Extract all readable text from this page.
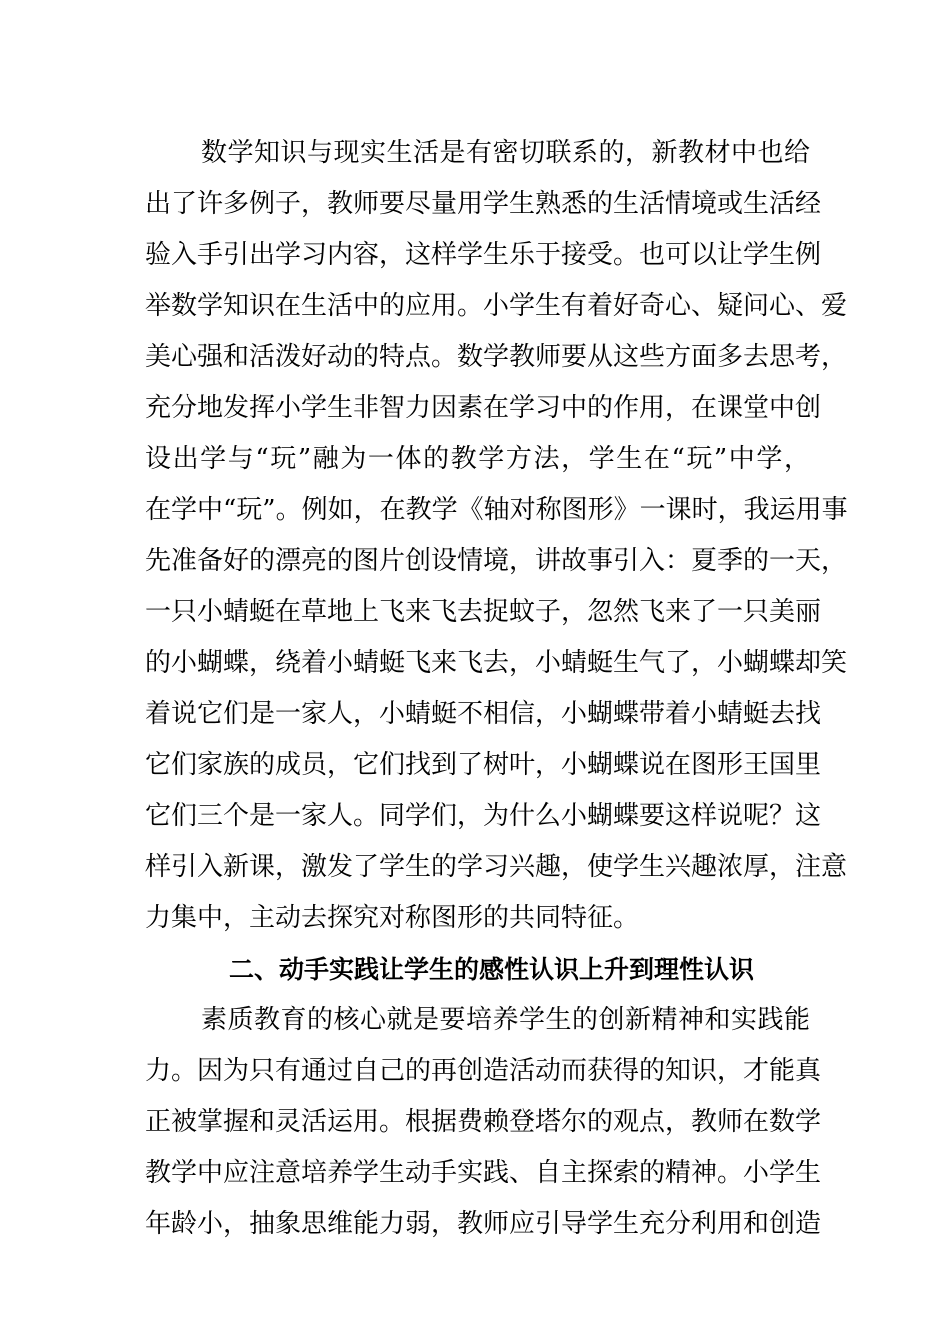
数学知识与现实生活是有密切联系的，新教材中也给
出了许多例子，教师要尽量用学生熟悉的生活情境或生活经
验入手引出学习内容，这样学生乐于接受。也可以让学生例
举数学知识在生活中的应用。小学生有着好奇心、疑问心、爱
美心强和活泼好动的特点。数学教师要从这些方面多去思考，
充分地发挥小学生非智力因素在学习中的作用，在课堂中创
设出学与“玩”融为一体的教学方法，学生在“玩”中学，
在学中“玩”。例如，在教学《轴对称图形》一课时，我运用事
先准备好的漂亮的图片创设情境，讲故事引入：夏季的一天，
一只小蜻蜓在草地上飞来飞去捉蚊子，忽然飞来了一只美丽
的小蝴蝶，绕着小蜻蜓飞来飞去，小蜻蜓生气了，小蝴蝶却笑
着说它们是一家人，小蜻蜓不相信，小蝴蝶带着小蜻蜓去找
它们家族的成员，它们找到了树叶，小蝴蝶说在图形王国里
它们三个是一家人。同学们，为什么小蝴蝶要这样说呢？这
样引入新课，激发了学生的学习兴趣，使学生兴趣浓厚，注意
力集中，主动去探究对称图形的共同特征。
二、动手实践让学生的感性认识上升到理性认识
素质教育的核心就是要培养学生的创新精神和实践能
力。因为只有通过自己的再创造活动而获得的知识，才能真
正被掌握和灵活运用。根据费赖登塔尔的观点，教师在数学
教学中应注意培养学生动手实践、自主探索的精神。小学生
年龄小，抽象思维能力弱，教师应引导学生充分利用和创造
